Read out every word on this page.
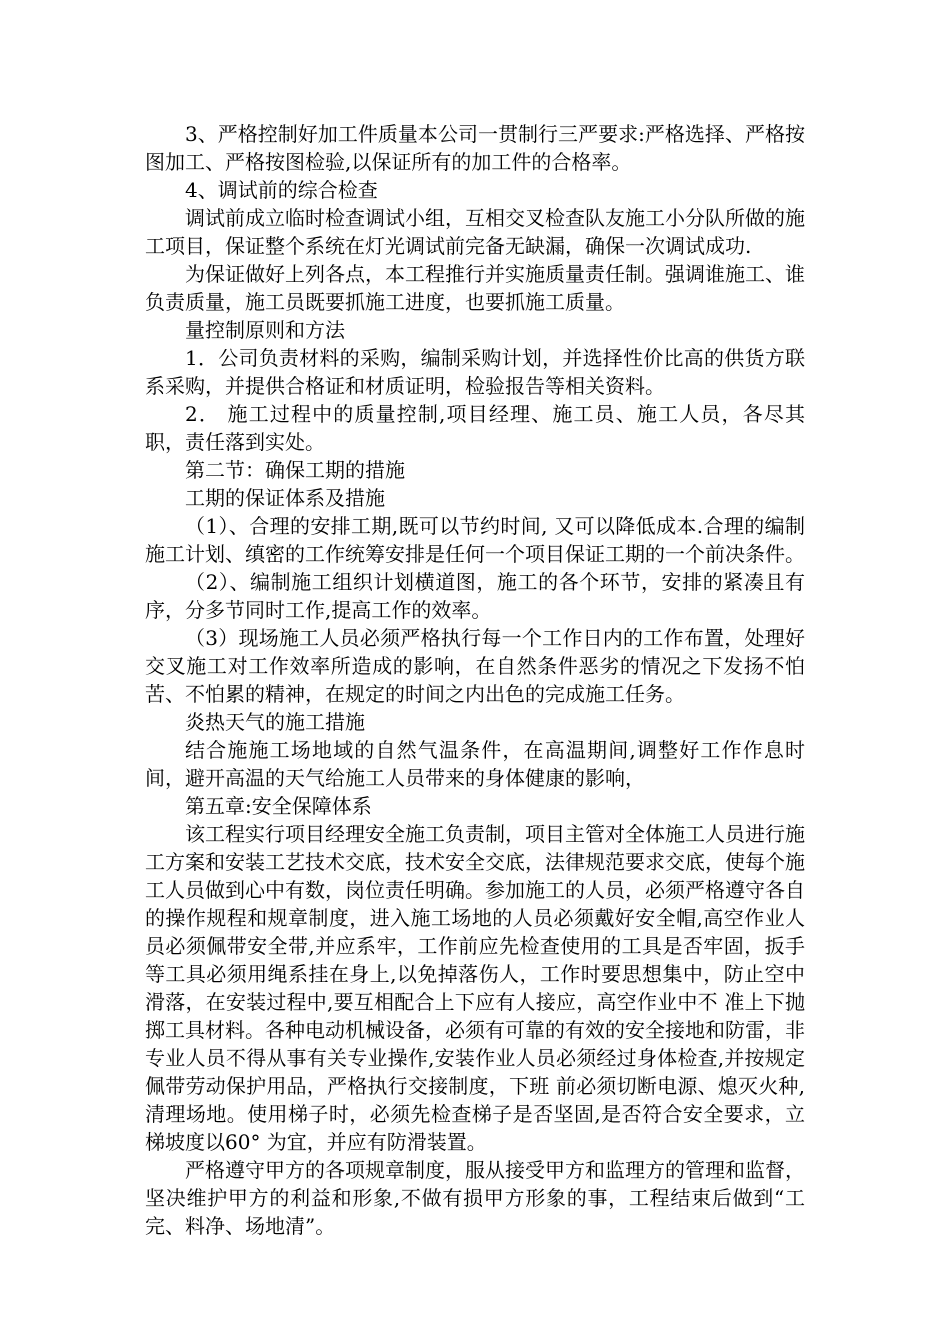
3、严格控制好加工件质量本公司一贯制行三严要求:严格选择、严格按图加工、严格按图检验,以保证所有的加工件的合格率。

4、调试前的综合检查

调试前成立临时检查调试小组，互相交叉检查队友施工小分队所做的施工项目，保证整个系统在灯光调试前完备无缺漏，确保一次调试成功.

为保证做好上列各点，本工程推行并实施质量责任制。强调谁施工、谁负责质量，施工员既要抓施工进度，也要抓施工质量。

量控制原则和方法

1．公司负责材料的采购，编制采购计划，并选择性价比高的供货方联系采购，并提供合格证和材质证明，检验报告等相关资料。

2． 施工过程中的质量控制,项目经理、施工员、施工人员，各尽其职，责任落到实处。

第二节：确保工期的措施

工期的保证体系及措施

（1）、合理的安排工期,既可以节约时间, 又可以降低成本.合理的编制施工计划、缜密的工作统筹安排是任何一个项目保证工期的一个前决条件。

（2）、编制施工组织计划横道图，施工的各个环节，安排的紧凑且有序，分多节同时工作,提高工作的效率。

（3）现场施工人员必须严格执行每一个工作日内的工作布置，处理好交叉施工对工作效率所造成的影响，在自然条件恶劣的情况之下发扬不怕苦、不怕累的精神，在规定的时间之内出色的完成施工任务。

炎热天气的施工措施

结合施施工场地域的自然气温条件，在高温期间,调整好工作作息时间，避开高温的天气给施工人员带来的身体健康的影响，

第五章:安全保障体系

该工程实行项目经理安全施工负责制，项目主管对全体施工人员进行施工方案和安装工艺技术交底，技术安全交底，法律规范要求交底，使每个施工人员做到心中有数，岗位责任明确。参加施工的人员，必须严格遵守各自的操作规程和规章制度，进入施工场地的人员必须戴好安全帽,高空作业人员必须佩带安全带,并应系牢，工作前应先检查使用的工具是否牢固，扳手等工具必须用绳系挂在身上,以免掉落伤人，工作时要思想集中，防止空中滑落，在安装过程中,要互相配合上下应有人接应，高空作业中不 准上下抛掷工具材料。各种电动机械设备，必须有可靠的有效的安全接地和防雷，非专业人员不得从事有关专业操作,安装作业人员必须经过身体检查,并按规定佩带劳动保护用品，严格执行交接制度，下班 前必须切断电源、熄灭火种,清理场地。使用梯子时，必须先检查梯子是否坚固,是否符合安全要求，立梯坡度以60° 为宜，并应有防滑装置。

严格遵守甲方的各项规章制度，服从接受甲方和监理方的管理和监督，坚决维护甲方的利益和形象,不做有损甲方形象的事，工程结束后做到“工完、料净、场地清”。
